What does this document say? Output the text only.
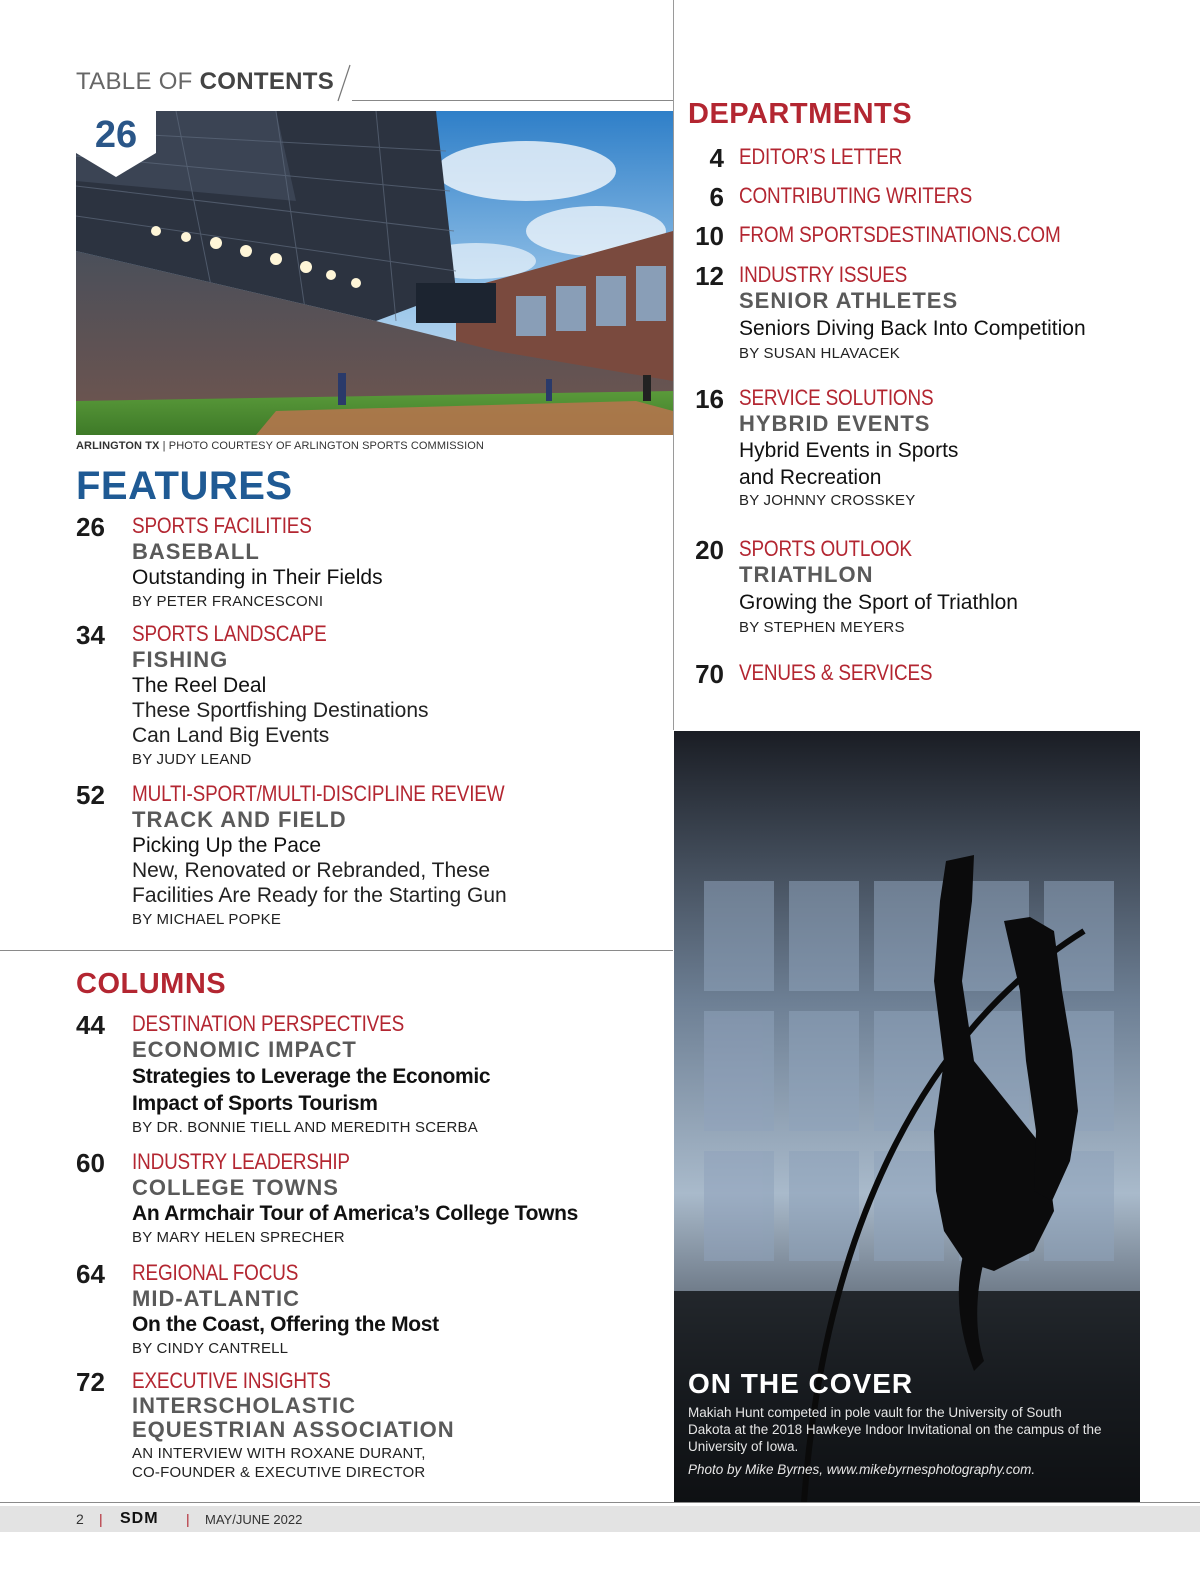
TABLE OF CONTENTS
26
ARLINGTON TX | PHOTO COURTESY OF ARLINGTON SPORTS COMMISSION
FEATURES
26	SPORTS FACILITIES
BASEBALL
Outstanding in Their Fields
BY PETER FRANCESCONI
34	SPORTS LANDSCAPE
FISHING
The Reel Deal
These Sportfishing Destinations
Can Land Big Events
BY JUDY LEAND
52	MULTI-SPORT/MULTI-DISCIPLINE REVIEW
TRACK AND FIELD
Picking Up the Pace
New, Renovated or Rebranded, These
Facilities Are Ready for the Starting Gun
BY MICHAEL POPKE
COLUMNS
44	DESTINATION PERSPECTIVES
ECONOMIC IMPACT
Strategies to Leverage the Economic
Impact of Sports Tourism
BY DR. BONNIE TIELL AND MEREDITH SCERBA
60	INDUSTRY LEADERSHIP
COLLEGE TOWNS
An Armchair Tour of America’s College Towns
BY MARY HELEN SPRECHER
64	REGIONAL FOCUS
MID-ATLANTIC
On the Coast, Offering the Most
BY CINDY CANTRELL
72	EXECUTIVE INSIGHTS
INTERSCHOLASTIC
EQUESTRIAN ASSOCIATION
AN INTERVIEW WITH ROXANE DURANT,
CO-FOUNDER & EXECUTIVE DIRECTOR
DEPARTMENTS
4 EDITOR’S LETTER
6 CONTRIBUTING WRITERS
10 FROM SPORTSDESTINATIONS.COM
12 INDUSTRY ISSUES
SENIOR ATHLETES
Seniors Diving Back Into Competition
BY SUSAN HLAVACEK
16 SERVICE SOLUTIONS
HYBRID EVENTS
Hybrid Events in Sports
and Recreation
BY JOHNNY CROSSKEY
20 SPORTS OUTLOOK
TRIATHLON
Growing the Sport of Triathlon
BY STEPHEN MEYERS
70 VENUES & SERVICES
ON THE COVER
Makiah Hunt competed in pole vault for the University of South Dakota at the 2018 Hawkeye Indoor Invitational on the campus of the University of Iowa.
Photo by Mike Byrnes, www.mikebyrnesphotography.com.
2 | SDM | MAY/JUNE 2022
